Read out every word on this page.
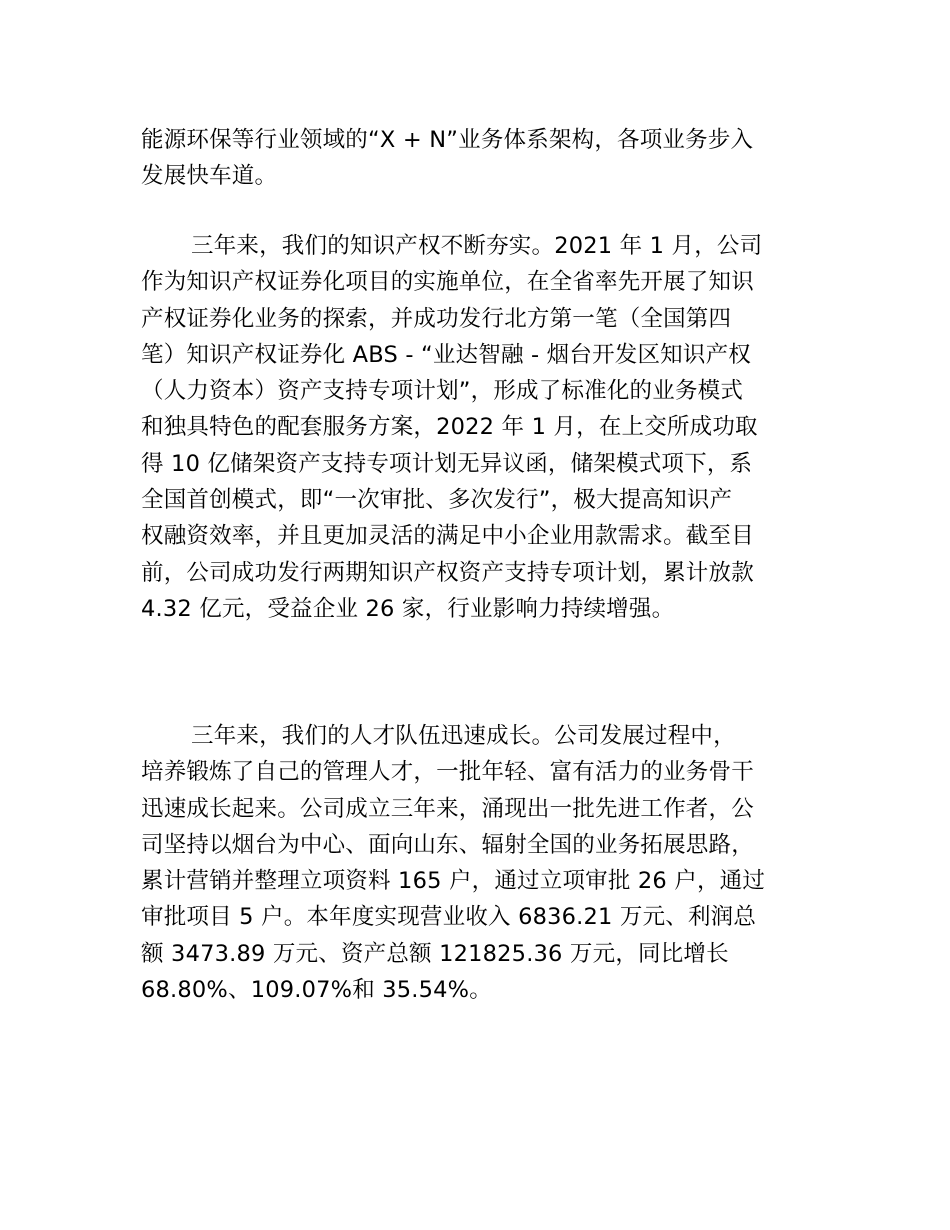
能源环保等行业领域的“X + N”业务体系架构，各项业务步入
发展快车道。
三年来，我们的知识产权不断夯实。2021 年 1 月，公司
作为知识产权证券化项目的实施单位，在全省率先开展了知识
产权证券化业务的探索，并成功发行北方第一笔（全国第四
笔）知识产权证券化 ABS - “业达智融 - 烟台开发区知识产权
（人力资本）资产支持专项计划”，形成了标准化的业务模式
和独具特色的配套服务方案，2022 年 1 月，在上交所成功取
得 10 亿储架资产支持专项计划无异议函，储架模式项下，系
全国首创模式，即“一次审批、多次发行”，极大提高知识产
权融资效率，并且更加灵活的满足中小企业用款需求。截至目
前，公司成功发行两期知识产权资产支持专项计划，累计放款
4.32 亿元，受益企业 26 家，行业影响力持续增强。
三年来，我们的人才队伍迅速成长。公司发展过程中，
培养锻炼了自己的管理人才，一批年轻、富有活力的业务骨干
迅速成长起来。公司成立三年来，涌现出一批先进工作者，公
司坚持以烟台为中心、面向山东、辐射全国的业务拓展思路，
累计营销并整理立项资料 165 户，通过立项审批 26 户，通过
审批项目 5 户。本年度实现营业收入 6836.21 万元、利润总
额 3473.89 万元、资产总额 121825.36 万元，同比增长
68.80%、109.07%和 35.54%。
